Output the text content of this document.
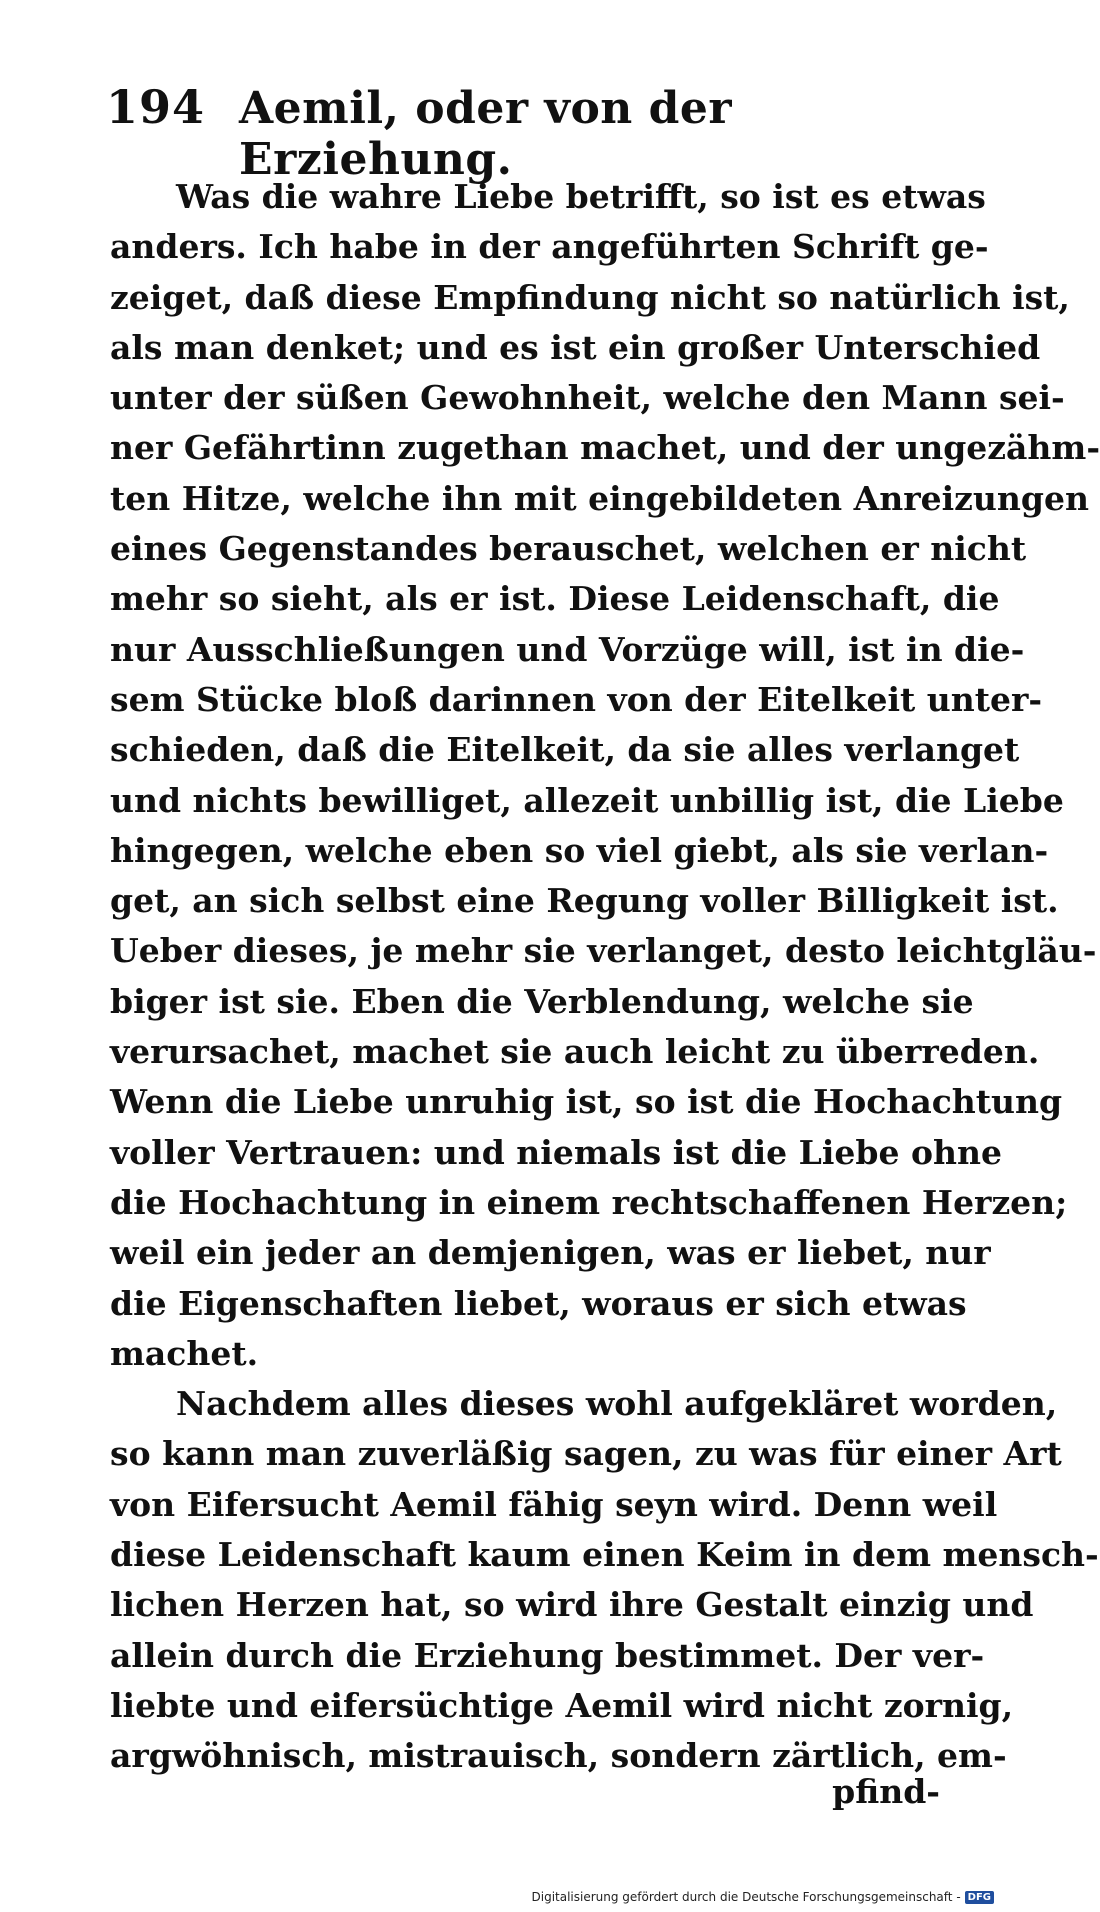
194 Aemil, oder von der Erziehung.
Was die wahre Liebe betrifft, so ist es etwas
anders. Ich habe in der angeführten Schrift ge-
zeiget, daß diese Empfindung nicht so natürlich ist,
als man denket; und es ist ein großer Unterschied
unter der süßen Gewohnheit, welche den Mann sei-
ner Gefährtinn zugethan machet, und der ungezähm-
ten Hitze, welche ihn mit eingebildeten Anreizungen
eines Gegenstandes berauschet, welchen er nicht
mehr so sieht, als er ist. Diese Leidenschaft, die
nur Ausschließungen und Vorzüge will, ist in die-
sem Stücke bloß darinnen von der Eitelkeit unter-
schieden, daß die Eitelkeit, da sie alles verlanget
und nichts bewilliget, allezeit unbillig ist, die Liebe
hingegen, welche eben so viel giebt, als sie verlan-
get, an sich selbst eine Regung voller Billigkeit ist.
Ueber dieses, je mehr sie verlanget, desto leichtgläu-
biger ist sie. Eben die Verblendung, welche sie
verursachet, machet sie auch leicht zu überreden.
Wenn die Liebe unruhig ist, so ist die Hochachtung
voller Vertrauen: und niemals ist die Liebe ohne
die Hochachtung in einem rechtschaffenen Herzen;
weil ein jeder an demjenigen, was er liebet, nur
die Eigenschaften liebet, woraus er sich etwas
machet.
Nachdem alles dieses wohl aufgekläret worden,
so kann man zuverläßig sagen, zu was für einer Art
von Eifersucht Aemil fähig seyn wird. Denn weil
diese Leidenschaft kaum einen Keim in dem mensch-
lichen Herzen hat, so wird ihre Gestalt einzig und
allein durch die Erziehung bestimmet. Der ver-
liebte und eifersüchtige Aemil wird nicht zornig,
argwöhnisch, mistrauisch, sondern zärtlich, em-
pfind-
Digitalisierung gefördert durch die Deutsche Forschungsgemeinschaft - DFG
